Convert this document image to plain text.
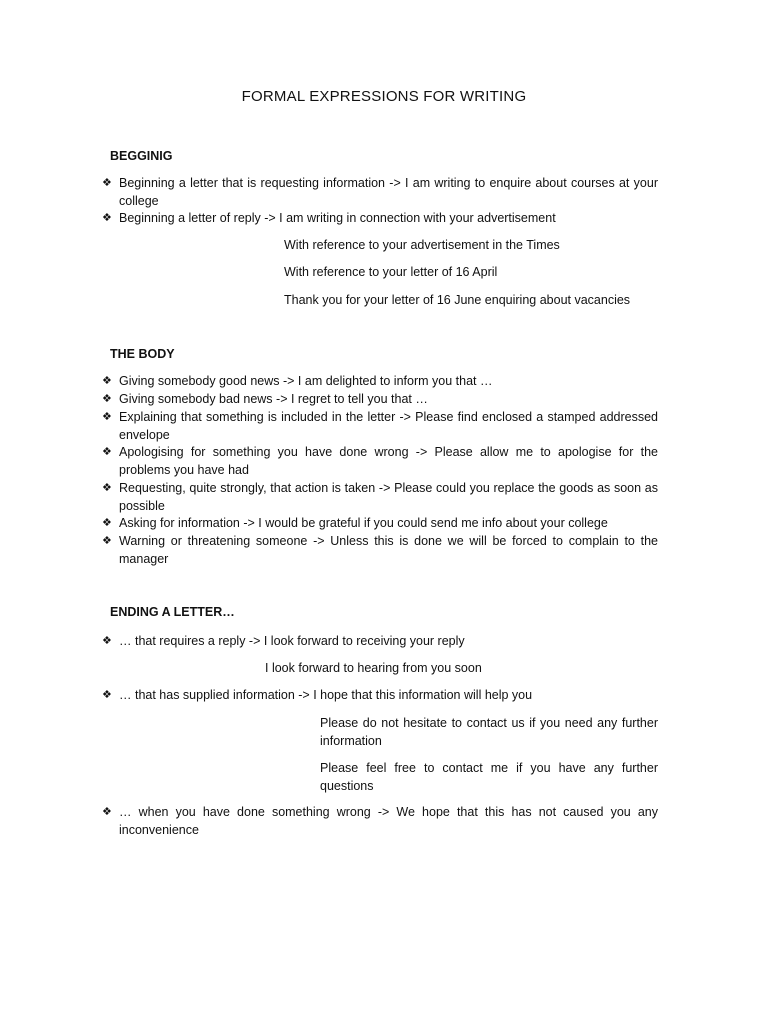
FORMAL EXPRESSIONS FOR WRITING
BEGGINIG
❖ Beginning a letter that is requesting information -> I am writing to enquire about courses at your college
❖ Beginning a letter of reply -> I am writing in connection with your advertisement
With reference to your advertisement in the Times
With reference to your letter of 16 April
Thank you for your letter of 16 June enquiring about vacancies
THE BODY
❖ Giving somebody good news -> I am delighted to inform you that …
❖ Giving somebody bad news -> I regret to tell you that …
❖ Explaining that something is included in the letter -> Please find enclosed a stamped addressed envelope
❖ Apologising for something you have done wrong -> Please allow me to apologise for the problems you have had
❖ Requesting, quite strongly, that action is taken -> Please could you replace the goods as soon as possible
❖ Asking for information -> I would be grateful if you could send me info about your college
❖ Warning or threatening someone -> Unless this is done we will be forced to complain to the manager
ENDING A LETTER…
❖ … that requires a reply -> I look forward to receiving your reply
I look forward to hearing from you soon
❖ … that has supplied information -> I hope that this information will help you
Please do not hesitate to contact us if you need any further information
Please feel free to contact me if you have any further questions
❖ … when you have done something wrong -> We hope that this has not caused you any inconvenience
